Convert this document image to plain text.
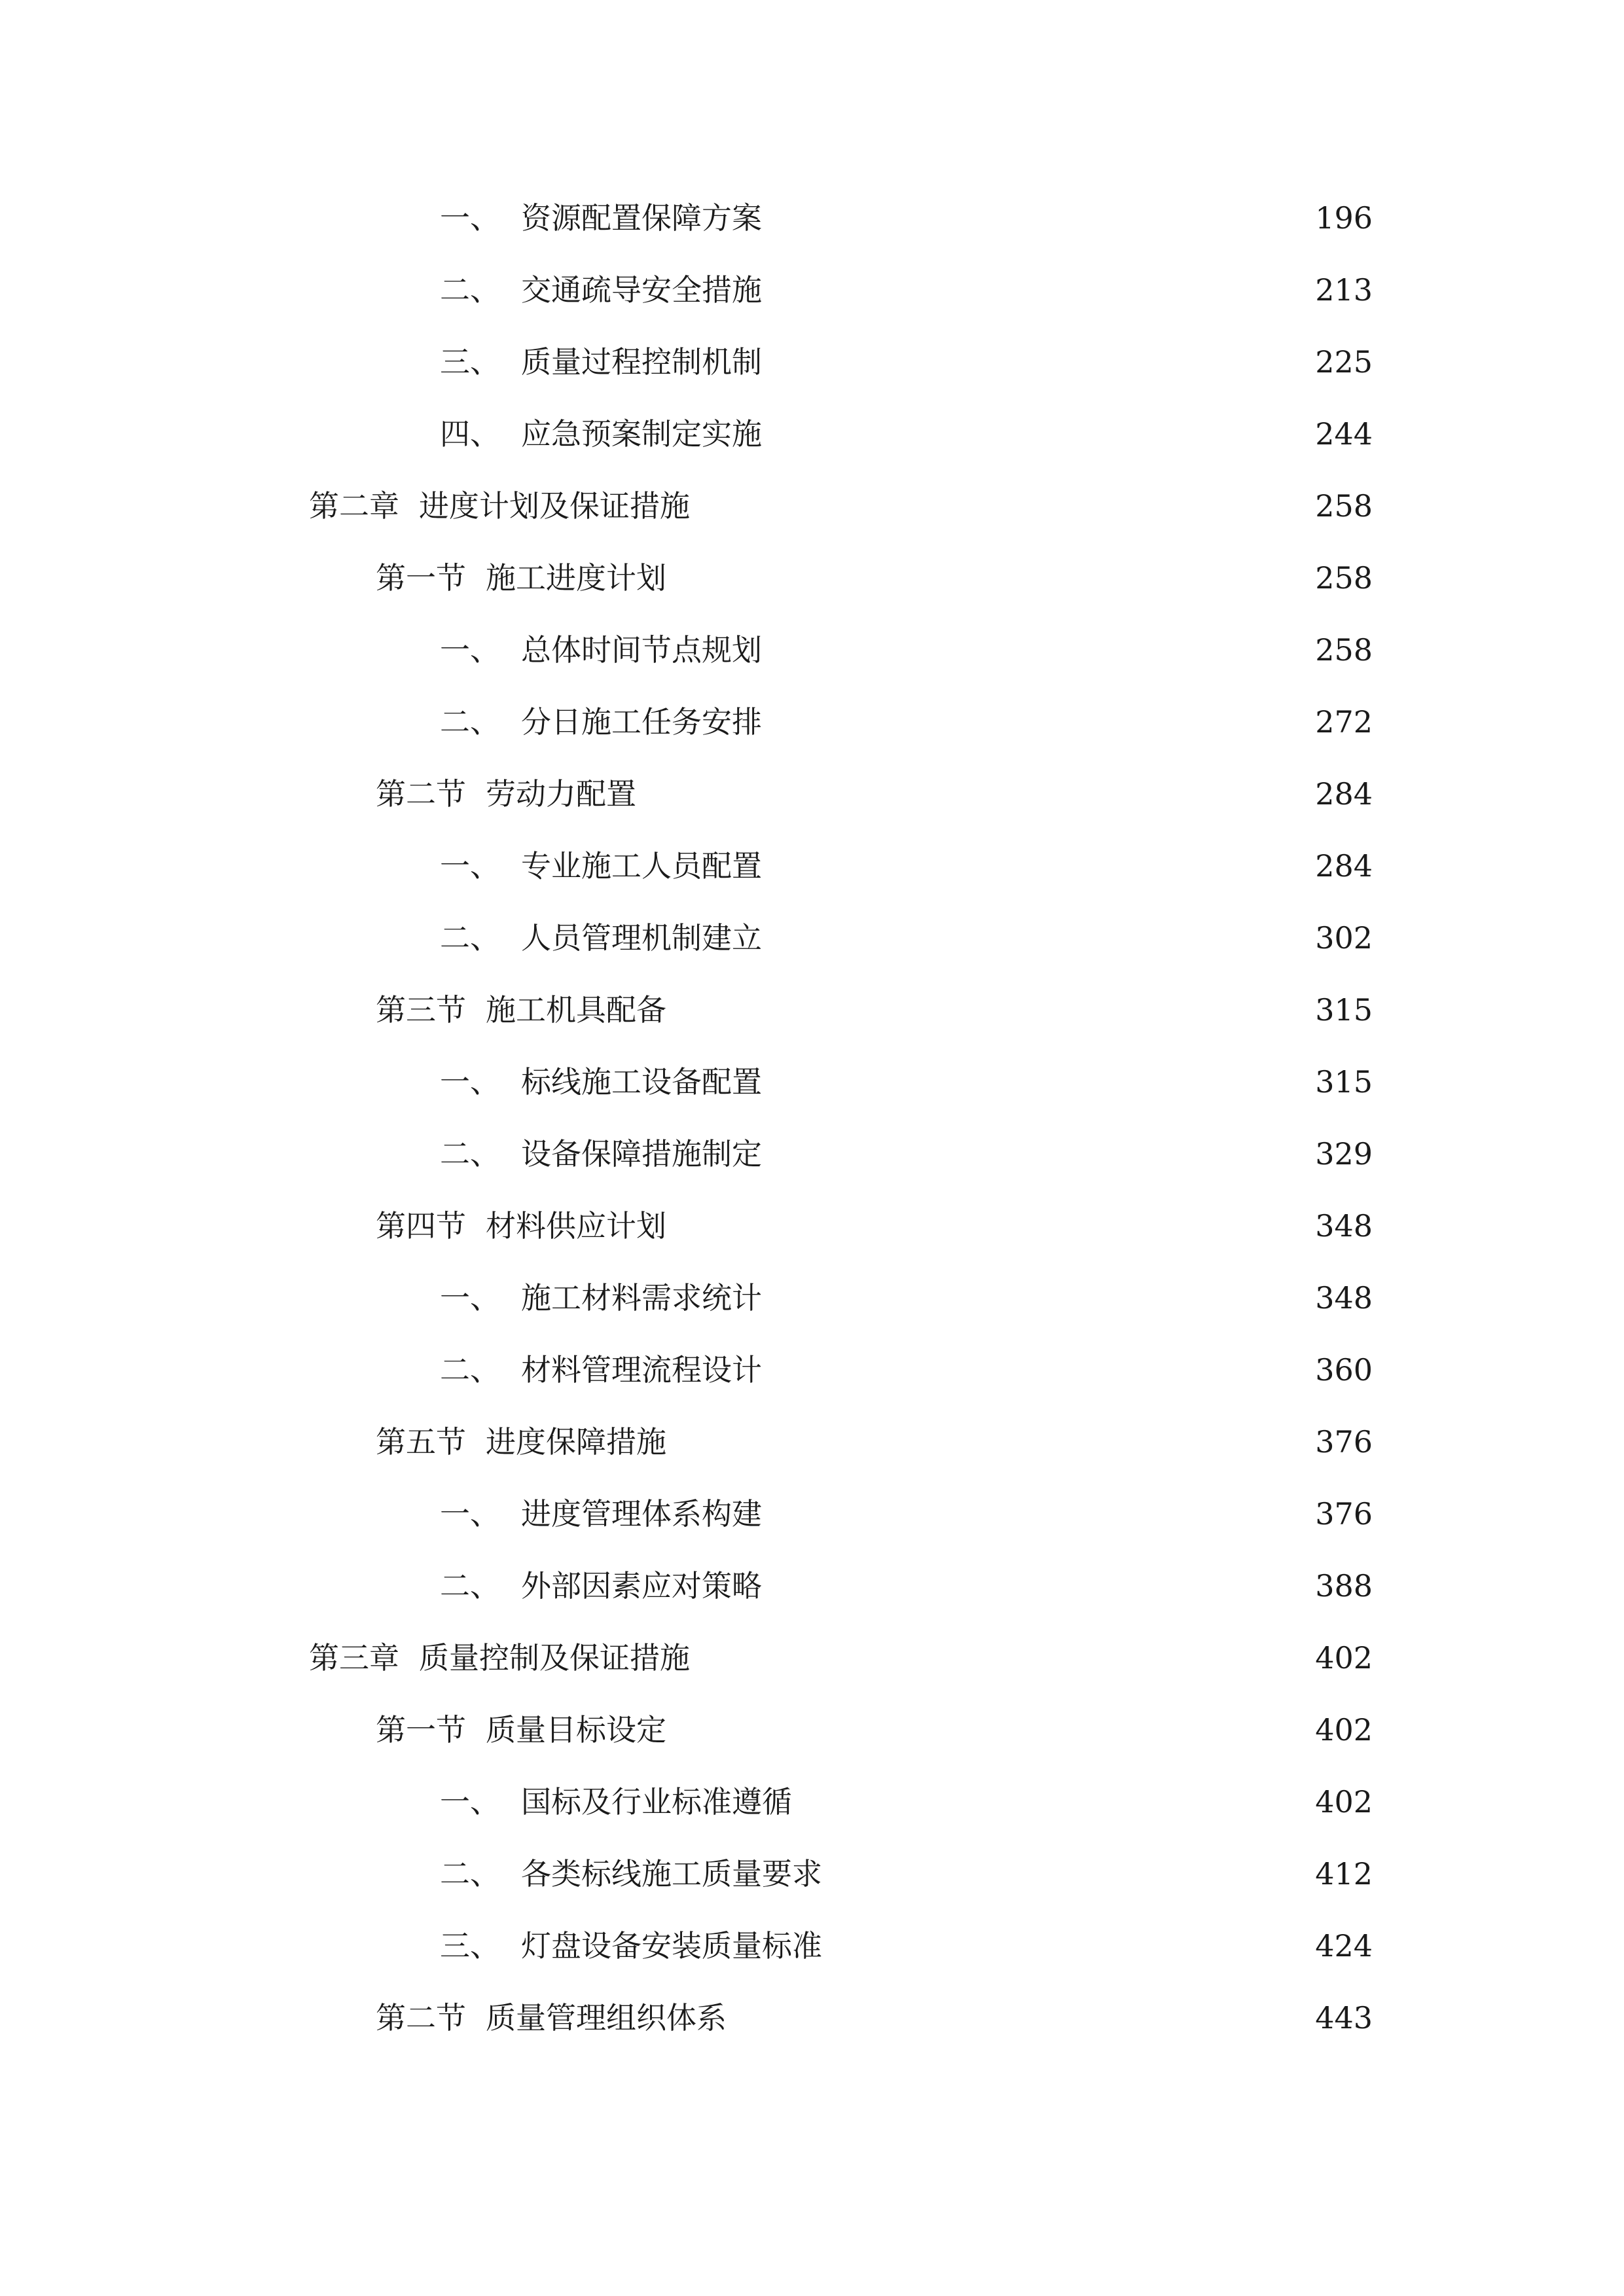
一、 资源配置保障方案	196
二、 交通疏导安全措施	213
三、 质量过程控制机制	225
四、 应急预案制定实施	244
第二章 进度计划及保证措施	258
第一节 施工进度计划	258
一、 总体时间节点规划	258
二、 分日施工任务安排	272
第二节 劳动力配置	284
一、 专业施工人员配置	284
二、 人员管理机制建立	302
第三节 施工机具配备	315
一、 标线施工设备配置	315
二、 设备保障措施制定	329
第四节 材料供应计划	348
一、 施工材料需求统计	348
二、 材料管理流程设计	360
第五节 进度保障措施	376
一、 进度管理体系构建	376
二、 外部因素应对策略	388
第三章 质量控制及保证措施	402
第一节 质量目标设定	402
一、 国标及行业标准遵循	402
二、 各类标线施工质量要求	412
三、 灯盘设备安装质量标准	424
第二节 质量管理组织体系	443
